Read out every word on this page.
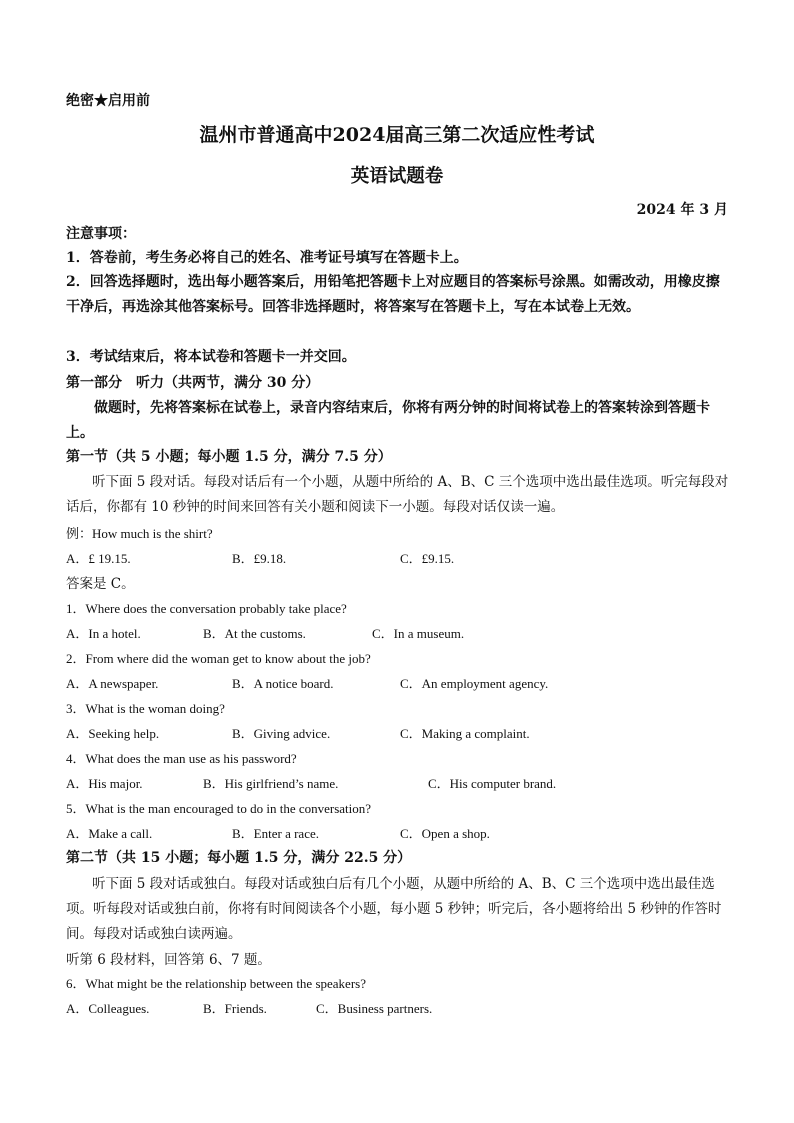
绝密★启用前
温州市普通高中2024届高三第二次适应性考试
英语试题卷
2024 年 3 月
注意事项：
1．答卷前，考生务必将自己的姓名、准考证号填写在答题卡上。
2．回答选择题时，选出每小题答案后，用铅笔把答题卡上对应题目的答案标号涂黑。如需改动，用橡皮擦干净后，再选涂其他答案标号。回答非选择题时，将答案写在答题卡上，写在本试卷上无效。
3．考试结束后，将本试卷和答题卡一并交回。
第一部分　听力（共两节，满分 30 分）
做题时，先将答案标在试卷上，录音内容结束后，你将有两分钟的时间将试卷上的答案转涂到答题卡上。
第一节（共 5 小题；每小题 1.5 分，满分 7.5 分）
听下面 5 段对话。每段对话后有一个小题，从题中所给的 A、B、C 三个选项中选出最佳选项。听完每段对话后，你都有 10 秒钟的时间来回答有关小题和阅读下一小题。每段对话仅读一遍。
例：How much is the shirt?
A．£ 19.15.	B．£9.18.	C．£9.15.
答案是 C。
1．Where does the conversation probably take place?
A．In a hotel.	B．At the customs.	C．In a museum.
2．From where did the woman get to know about the job?
A．A newspaper.	B．A notice board.	C．An employment agency.
3．What is the woman doing?
A．Seeking help.	B．Giving advice.	C．Making a complaint.
4．What does the man use as his password?
A．His major.	B．His girlfriend’s name.	C．His computer brand.
5．What is the man encouraged to do in the conversation?
A．Make a call.	B．Enter a race.	C．Open a shop.
第二节（共 15 小题；每小题 1.5 分，满分 22.5 分）
听下面 5 段对话或独白。每段对话或独白后有几个小题，从题中所给的 A、B、C 三个选项中选出最佳选项。听每段对话或独白前，你将有时间阅读各个小题，每小题 5 秒钟；听完后，各小题将给出 5 秒钟的作答时间。每段对话或独白读两遍。
听第 6 段材料，回答第 6、7 题。
6．What might be the relationship between the speakers?
A．Colleagues.	B．Friends.	C．Business partners.
